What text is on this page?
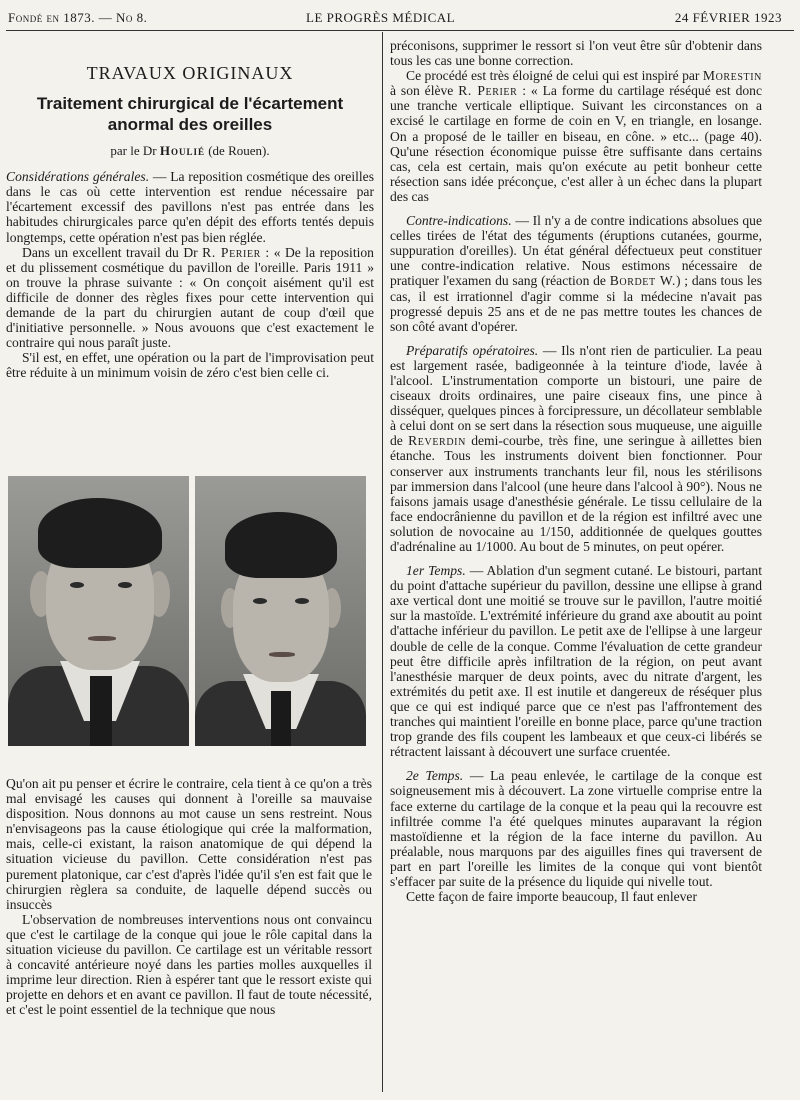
Fondé en 1873. — No 8.	LE PROGRÈS MÉDICAL	24 FÉVRIER 1923
TRAVAUX ORIGINAUX
Traitement chirurgical de l'écartement
anormal des oreilles
par le Dr Houlié (de Rouen).

Considérations générales. — La reposition cosmétique des oreilles dans le cas où cette intervention est rendue nécessaire par l'écartement excessif des pavillons n'est pas entrée dans les habitudes chirurgicales parce qu'en dépit des efforts tentés depuis longtemps, cette opération n'est pas bien réglée.

Dans un excellent travail du Dr R. Perier : « De la reposition et du plissement cosmétique du pavillon de l'oreille. Paris 1911 » on trouve la phrase suivante : « On conçoit aisément qu'il est difficile de donner des règles fixes pour cette intervention qui demande de la part du chirurgien autant de coup d'œil que d'initiative personnelle. » Nous avouons que c'est exactement le contraire qui nous paraît juste.

S'il est, en effet, une opération ou la part de l'improvisation peut être réduite à un minimum voisin de zéro c'est bien celle ci.

Qu'on ait pu penser et écrire le contraire, cela tient à ce qu'on a très mal envisagé les causes qui donnent à l'oreille sa mauvaise disposition. Nous donnons au mot cause un sens restreint. Nous n'envisageons pas la cause étiologique qui crée la malformation, mais, celle-ci existant, la raison anatomique de qui dépend la situation vicieuse du pavillon. Cette considération n'est pas purement platonique, car c'est d'après l'idée qu'il s'en est fait que le chirurgien règlera sa conduite, de laquelle dépend succès ou insuccès

L'observation de nombreuses interventions nous ont convaincu que c'est le cartilage de la conque qui joue le rôle capital dans la situation vicieuse du pavillon. Ce cartilage est un véritable ressort à concavité antérieure noyé dans les parties molles auxquelles il imprime leur direction. Rien à espérer tant que le ressort existe qui projette en dehors et en avant ce pavillon. Il faut de toute nécessité, et c'est le point essentiel de la technique que nous

préconisons, supprimer le ressort si l'on veut être sûr d'obtenir dans tous les cas une bonne correction.

Ce procédé est très éloigné de celui qui est inspiré par Morestin à son élève R. Perier : « La forme du cartilage réséqué est donc une tranche verticale elliptique. Suivant les circonstances on a excisé le cartilage en forme de coin en V, en triangle, en losange. On a proposé de le tailler en biseau, en cône. » etc... (page 40). Qu'une résection économique puisse être suffisante dans certains cas, cela est certain, mais qu'on exécute au petit bonheur cette résection sans idée préconçue, c'est aller à un échec dans la plupart des cas

Contre-indications. — Il n'y a de contre indications absolues que celles tirées de l'état des téguments (éruptions cutanées, gourme, suppuration d'oreilles). Un état général défectueux peut constituer une contre-indication relative. Nous estimons nécessaire de pratiquer l'examen du sang (réaction de Bordet W.) ; dans tous les cas, il est irrationnel d'agir comme si la médecine n'avait pas progressé depuis 25 ans et de ne pas mettre toutes les chances de son côté avant d'opérer.

Préparatifs opératoires. — Ils n'ont rien de particulier. La peau est largement rasée, badigeonnée à la teinture d'iode, lavée à l'alcool. L'instrumentation comporte un bistouri, une paire de ciseaux droits ordinaires, une paire ciseaux fins, une pince à disséquer, quelques pinces à forcipressure, un décollateur semblable à celui dont on se sert dans la résection sous muqueuse, une aiguille de Reverdin demi-courbe, très fine, une seringue à aillettes bien étanche. Tous les instruments doivent bien fonctionner. Pour conserver aux instruments tranchants leur fil, nous les stérilisons par immersion dans l'alcool (une heure dans l'alcool à 90°). Nous ne faisons jamais usage d'anesthésie générale. Le tissu cellulaire de la face endocrânienne du pavillon et de la région est infiltré avec une solution de novocaine au 1/150, additionnée de quelques gouttes d'adrénaline au 1/1000. Au bout de 5 minutes, on peut opérer.

1er Temps. — Ablation d'un segment cutané. Le bistouri, partant du point d'attache supérieur du pavillon, dessine une ellipse à grand axe vertical dont une moitié se trouve sur le pavillon, l'autre moitié sur la mastoïde. L'extrémité inférieure du grand axe aboutit au point d'attache inférieur du pavillon. Le petit axe de l'ellipse à une largeur double de celle de la conque. Comme l'évaluation de cette grandeur peut être difficile après infiltration de la région, on peut avant l'anesthésie marquer de deux points, avec du nitrate d'argent, les extrémités du petit axe. Il est inutile et dangereux de réséquer plus que ce qui est indiqué parce que ce n'est pas l'affrontement des tranches qui maintient l'oreille en bonne place, parce qu'une traction trop grande des fils coupent les lambeaux et que ceux-ci libérés se rétractent laissant à découvert une surface cruentée.

2e Temps. — La peau enlevée, le cartilage de la conque est soigneusement mis à découvert. La zone virtuelle comprise entre la face externe du cartilage de la conque et la peau qui la recouvre est infiltrée comme l'a été quelques minutes auparavant la région mastoïdienne et la région de la face interne du pavillon. Au préalable, nous marquons par des aiguilles fines qui traversent de part en part l'oreille les limites de la conque qui vont bientôt s'effacer par suite de la présence du liquide qui nivelle tout.

Cette façon de faire importe beaucoup, Il faut enlever
